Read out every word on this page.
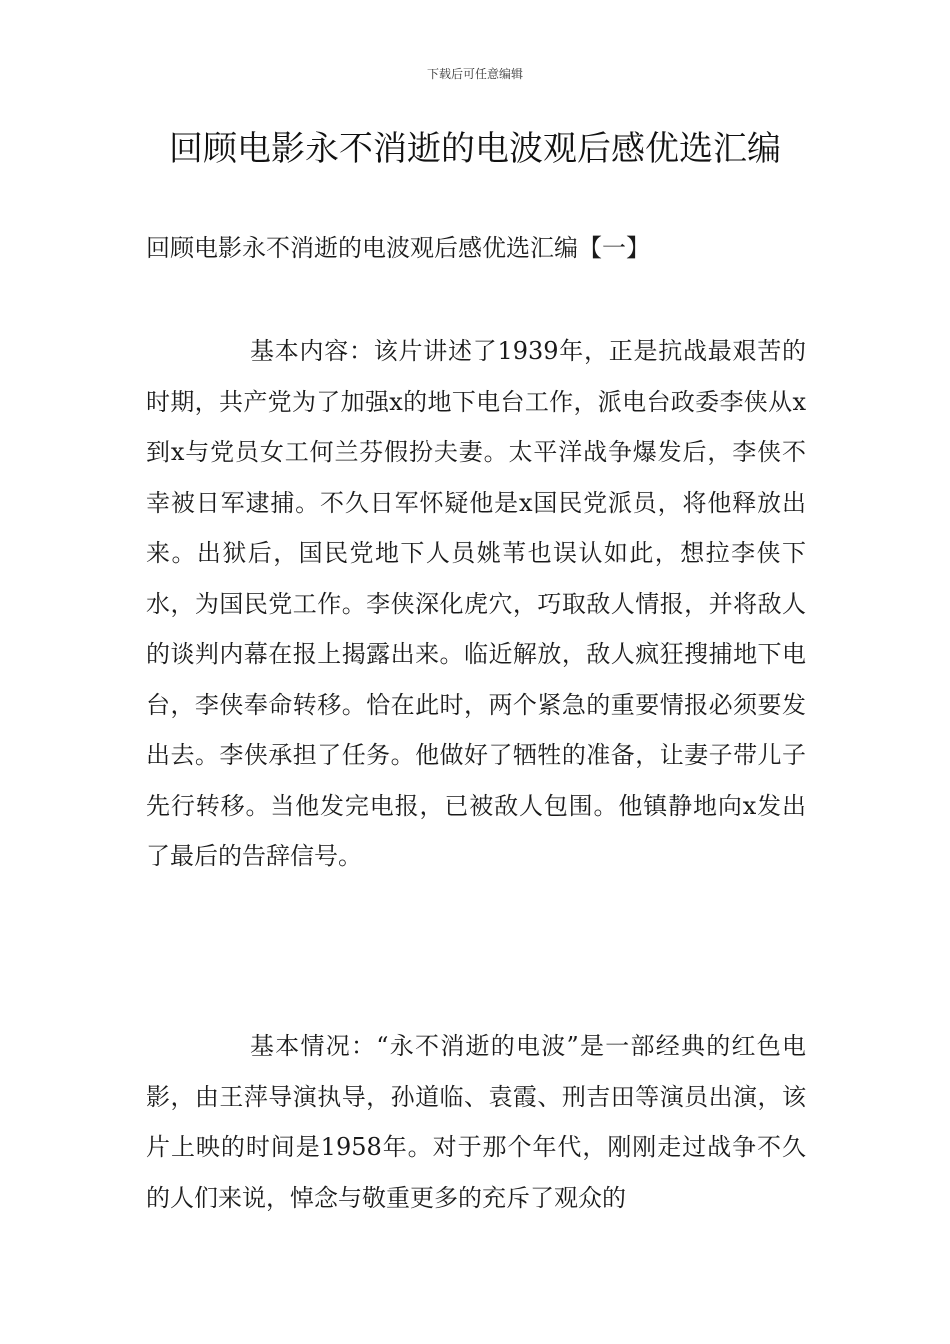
下载后可任意编辑
回顾电影永不消逝的电波观后感优选汇编
回顾电影永不消逝的电波观后感优选汇编【一】

基本内容：该片讲述了1939年，正是抗战最艰苦的时期，共产党为了加强x的地下电台工作，派电台政委李侠从x到x与党员女工何兰芬假扮夫妻。太平洋战争爆发后，李侠不幸被日军逮捕。不久日军怀疑他是x国民党派员，将他释放出来。出狱后，国民党地下人员姚苇也误认如此，想拉李侠下水，为国民党工作。李侠深化虎穴，巧取敌人情报，并将敌人的谈判内幕在报上揭露出来。临近解放，敌人疯狂搜捕地下电台，李侠奉命转移。恰在此时，两个紧急的重要情报必须要发出去。李侠承担了任务。他做好了牺牲的准备，让妻子带儿子先行转移。当他发完电报，已被敌人包围。他镇静地向x发出了最后的告辞信号。

基本情况：“永不消逝的电波”是一部经典的红色电影，由王萍导演执导，孙道临、袁霞、刑吉田等演员出演，该片上映的时间是1958年。对于那个年代，刚刚走过战争不久的人们来说，悼念与敬重更多的充斥了观众的
